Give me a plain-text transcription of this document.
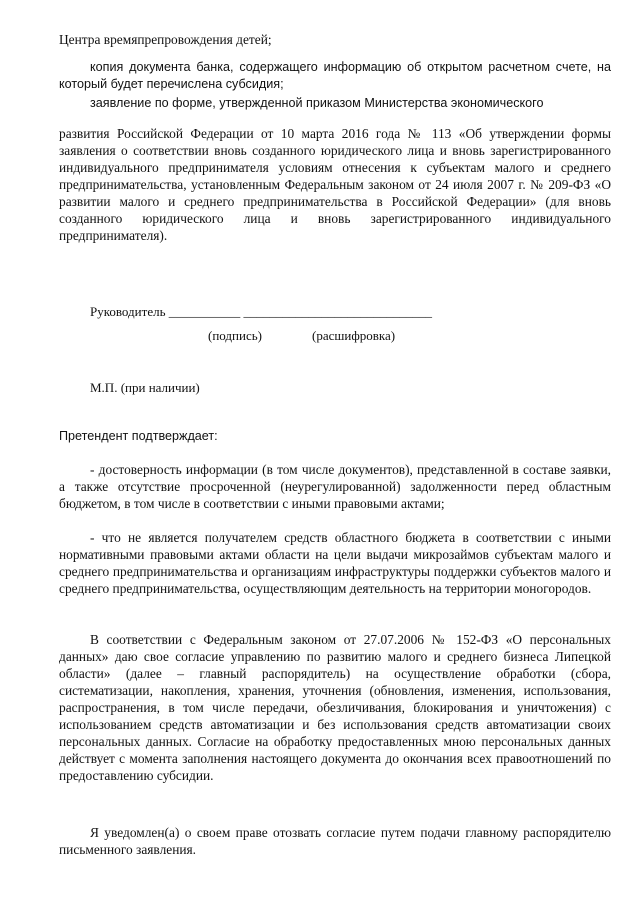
Центра времяпрепровождения детей;

копия документа банка, содержащего информацию об открытом расчетном счете, на который будет перечислена субсидия;

заявление по форме, утвержденной приказом Министерства экономического

развития Российской Федерации от 10 марта 2016 года № 113 «Об утверждении формы заявления о соответствии вновь созданного юридического лица и вновь зарегистрированного индивидуального предпринимателя условиям отнесения к субъектам малого и среднего предпринимательства, установленным Федеральным законом от 24 июля 2007 г. № 209-ФЗ «О развитии малого и среднего предпринимательства в Российской Федерации» (для вновь созданного юридического лица и вновь зарегистрированного индивидуального предпринимателя).

Руководитель ___________ _____________________________

(подпись)	(расшифровка)

М.П. (при наличии)

Претендент подтверждает:

- достоверность информации (в том числе документов), представленной в составе заявки, а также отсутствие просроченной (неурегулированной) задолженности перед областным бюджетом, в том числе в соответствии с иными правовыми актами;

- что не является получателем средств областного бюджета в соответствии с иными нормативными правовыми актами области на цели выдачи микрозаймов субъектам малого и среднего предпринимательства и организациям инфраструктуры поддержки субъектов малого и среднего предпринимательства, осуществляющим деятельность на территории моногородов.

В соответствии с Федеральным законом от 27.07.2006 № 152-ФЗ «О персональных данных» даю свое согласие управлению по развитию малого и среднего бизнеса Липецкой области» (далее – главный распорядитель) на осуществление обработки (сбора, систематизации, накопления, хранения, уточнения (обновления, изменения, использования, распространения, в том числе передачи, обезличивания, блокирования и уничтожения) с использованием средств автоматизации и без использования средств автоматизации своих персональных данных. Согласие на обработку предоставленных мною персональных данных действует с момента заполнения настоящего документа до окончания всех правоотношений по предоставлению субсидии.

Я уведомлен(а) о своем праве отозвать согласие путем подачи главному распорядителю письменного заявления.
